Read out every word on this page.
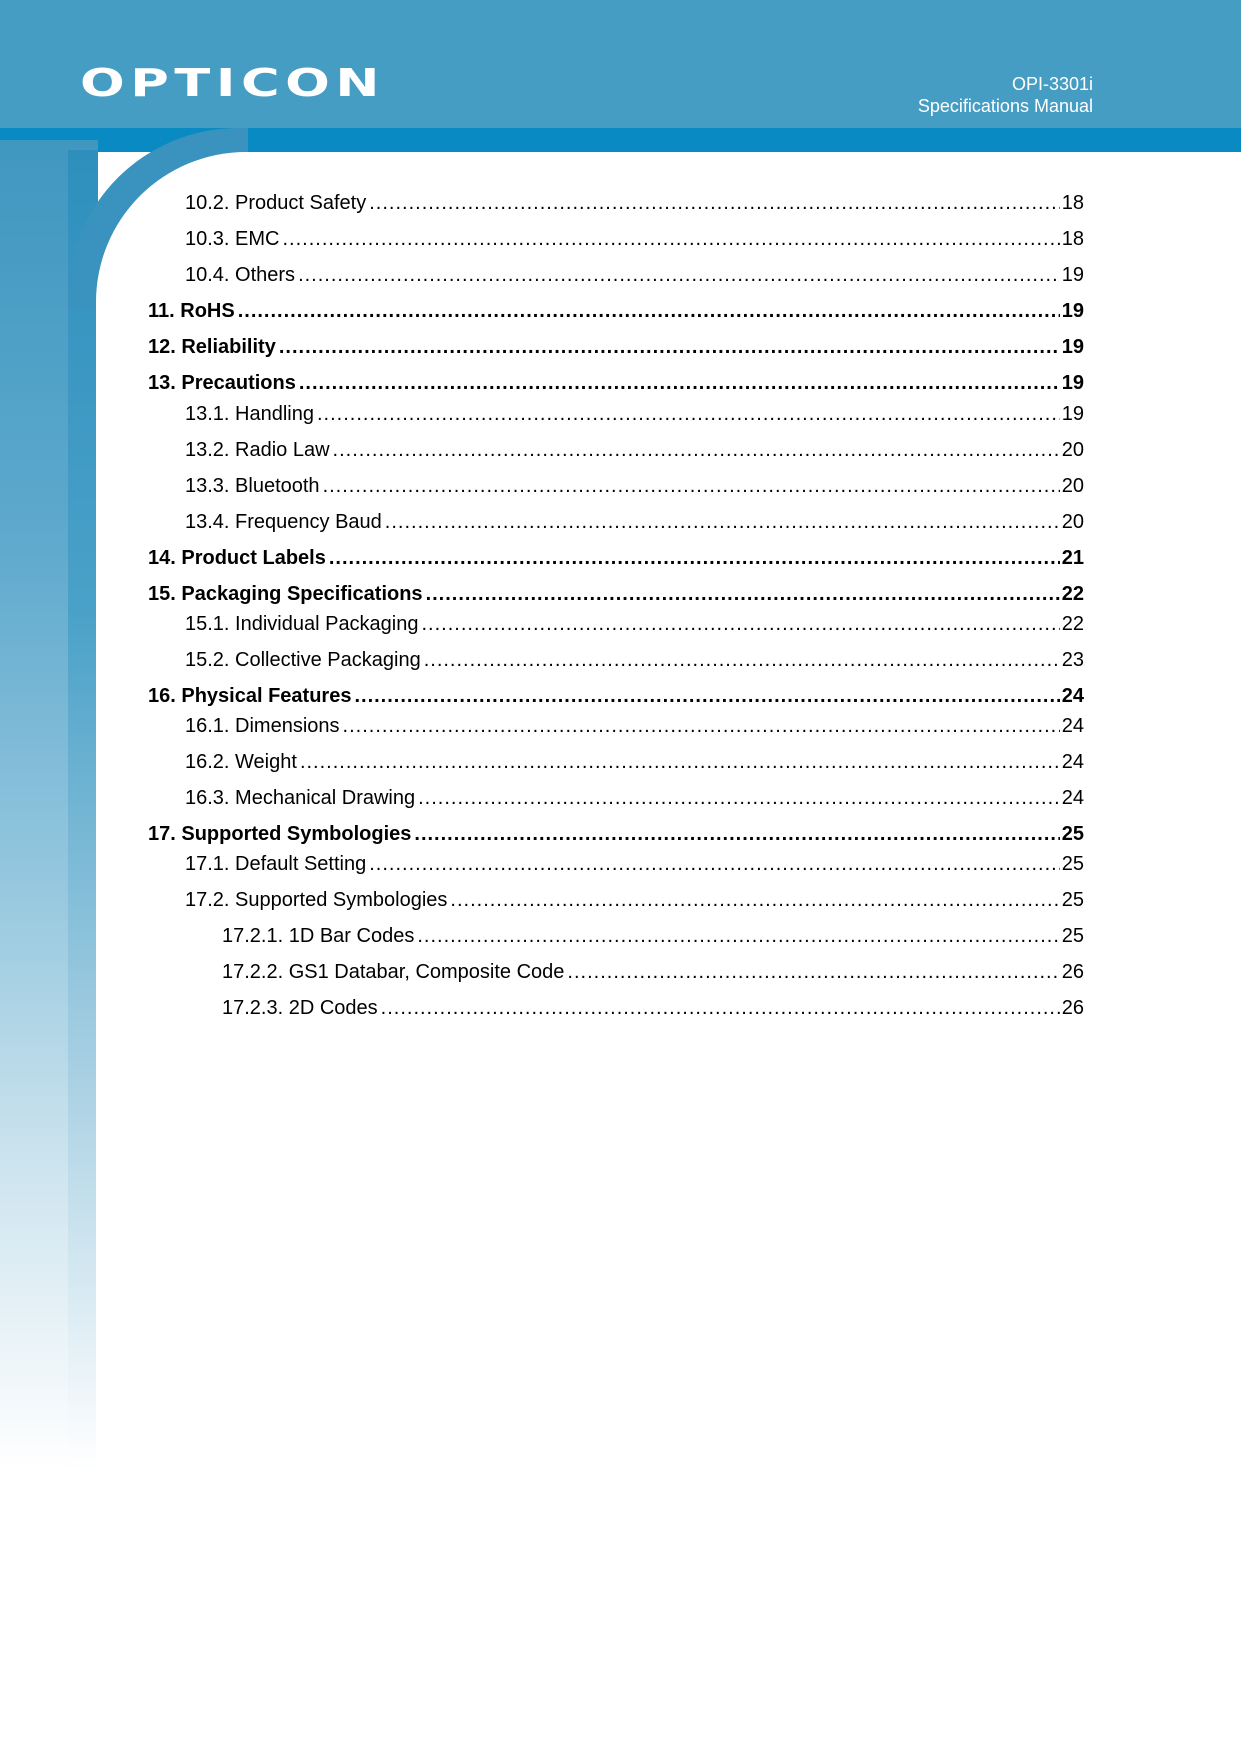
OPTICON	OPI-3301i
Specifications Manual
10.2. Product Safety .....	18
10.3. EMC .....	18
10.4. Others .....	19
11. RoHS .....	19
12. Reliability .....	19
13. Precautions .....	19
13.1. Handling .....	19
13.2. Radio Law .....	20
13.3. Bluetooth .....	20
13.4. Frequency Baud .....	20
14. Product Labels .....	21
15. Packaging Specifications .....	22
15.1. Individual Packaging .....	22
15.2. Collective Packaging .....	23
16. Physical Features .....	24
16.1. Dimensions .....	24
16.2. Weight .....	24
16.3. Mechanical Drawing .....	24
17. Supported Symbologies .....	25
17.1. Default Setting .....	25
17.2. Supported Symbologies .....	25
17.2.1. 1D Bar Codes .....	25
17.2.2. GS1 Databar, Composite Code .....	26
17.2.3. 2D Codes .....	26
